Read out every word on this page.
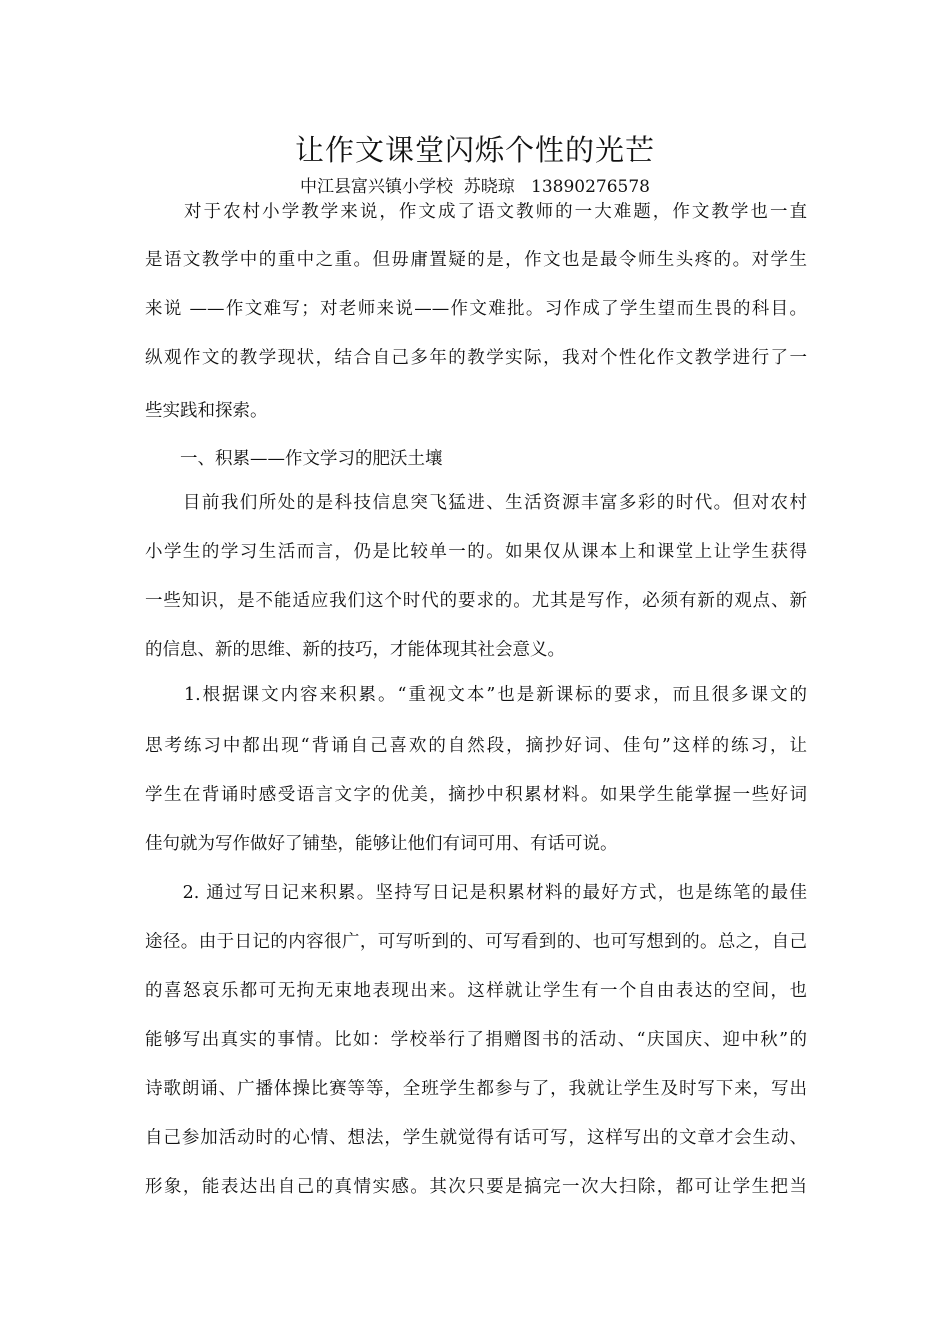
让作文课堂闪烁个性的光芒
中江县富兴镇小学校 苏晓琼 13890276578
　　对于农村小学教学来说，作文成了语文教师的一大难题，作文教学也一直
是语文教学中的重中之重。但毋庸置疑的是，作文也是最令师生头疼的。对学生
来说 ——作文难写；对老师来说——作文难批。习作成了学生望而生畏的科目。
纵观作文的教学现状，结合自己多年的教学实际，我对个性化作文教学进行了一
些实践和探索。
　　一、积累——作文学习的肥沃土壤
　　目前我们所处的是科技信息突飞猛进、生活资源丰富多彩的时代。但对农村
小学生的学习生活而言，仍是比较单一的。如果仅从课本上和课堂上让学生获得
一些知识，是不能适应我们这个时代的要求的。尤其是写作，必须有新的观点、新
的信息、新的思维、新的技巧，才能体现其社会意义。
　　1.根据课文内容来积累。“重视文本”也是新课标的要求，而且很多课文的
思考练习中都出现“背诵自己喜欢的自然段，摘抄好词、佳句”这样的练习，让
学生在背诵时感受语言文字的优美，摘抄中积累材料。如果学生能掌握一些好词
佳句就为写作做好了铺垫，能够让他们有词可用、有话可说。
　　2. 通过写日记来积累。坚持写日记是积累材料的最好方式，也是练笔的最佳
途径。由于日记的内容很广，可写听到的、可写看到的、也可写想到的。总之，自己
的喜怒哀乐都可无拘无束地表现出来。这样就让学生有一个自由表达的空间，也
能够写出真实的事情。比如：学校举行了捐赠图书的活动、“庆国庆、迎中秋”的
诗歌朗诵、广播体操比赛等等，全班学生都参与了，我就让学生及时写下来，写出
自己参加活动时的心情、想法，学生就觉得有话可写，这样写出的文章才会生动、
形象，能表达出自己的真情实感。其次只要是搞完一次大扫除，都可让学生把当
